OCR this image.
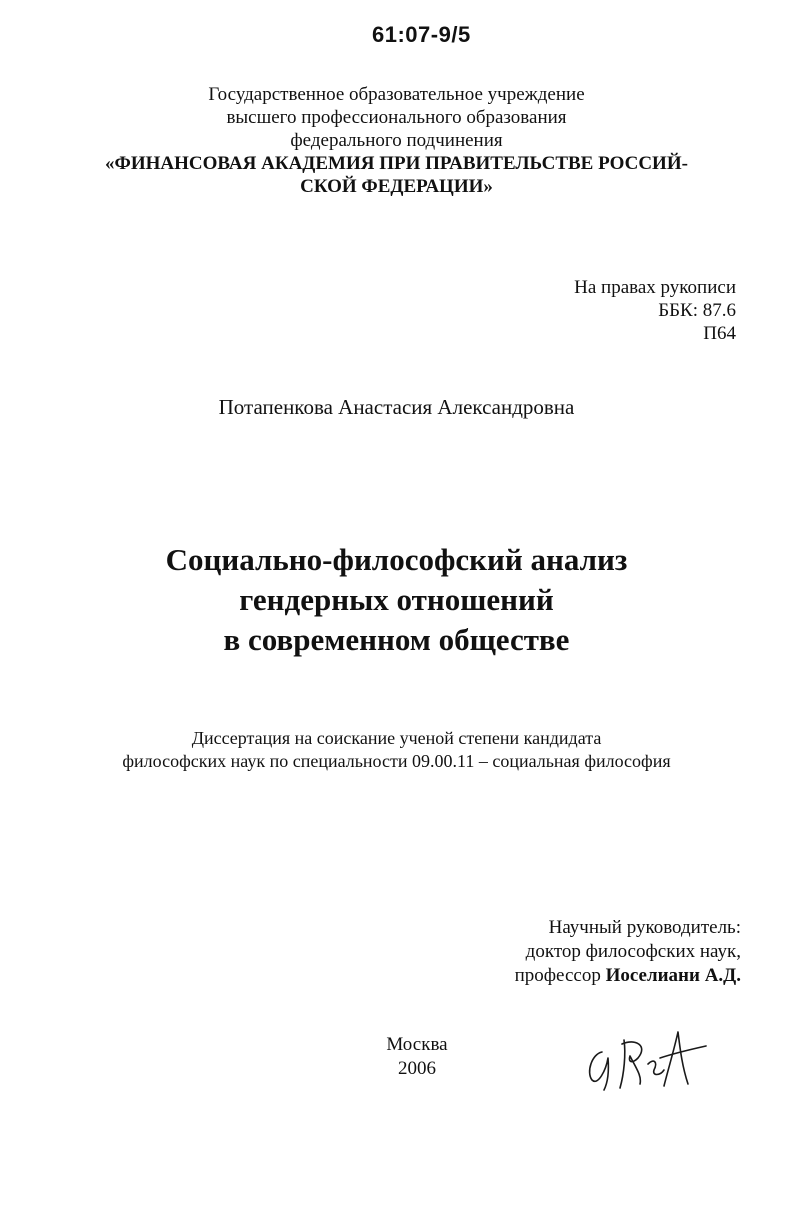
61:07-9/5
Государственное образовательное учреждение
высшего профессионального образования
федерального подчинения
«ФИНАНСОВАЯ АКАДЕМИЯ ПРИ ПРАВИТЕЛЬСТВЕ РОССИЙ-
СКОЙ ФЕДЕРАЦИИ»
На правах рукописи
ББК: 87.6
П64
Потапенкова Анастасия Александровна
Социально-философский анализ
гендерных отношений
в современном обществе
Диссертация на соискание ученой степени кандидата
философских наук по специальности 09.00.11 – социальная философия
Научный руководитель:
доктор философских наук,
профессор Иоселиани А.Д.
Москва
2006
